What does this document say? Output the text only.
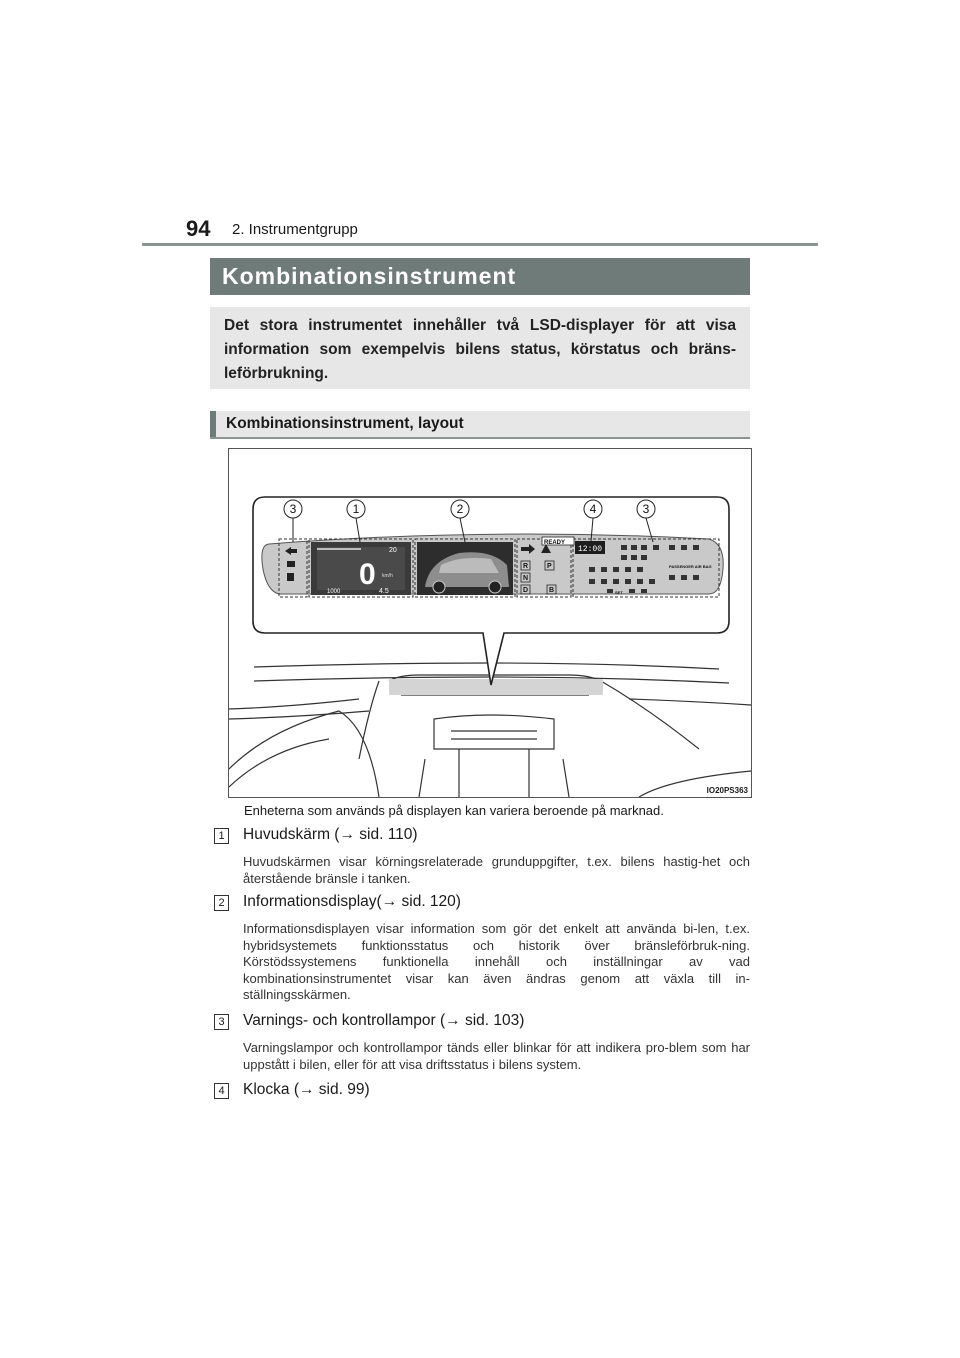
94 2. Instrumentgrupp
Kombinationsinstrument

Det stora instrumentet innehåller två LSD-displayer för att visa information som exempelvis bilens status, körstatus och bräns-leförbrukning.

Kombinationsinstrument, layout
0
20
km/h
1000	4.5
R
N
D
P
B
READY
12:00
PASSENGER AIR BAG
SET
3	1	2	4	3
IO20PS363
Enheterna som används på displayen kan variera beroende på marknad.
1 Huvudskärm (→ sid. 110)
Huvudskärmen visar körningsrelaterade grunduppgifter, t.ex. bilens hastig-het och återstående bränsle i tanken.
2 Informationsdisplay(→ sid. 120)
Informationsdisplayen visar information som gör det enkelt att använda bi-len, t.ex. hybridsystemets funktionsstatus och historik över bränsleförbruk-ning. Körstödssystemens funktionella innehåll och inställningar av vad kombinationsinstrumentet visar kan även ändras genom att växla till in-ställningsskärmen.
3 Varnings- och kontrollampor (→ sid. 103)
Varningslampor och kontrollampor tänds eller blinkar för att indikera pro-blem som har uppstått i bilen, eller för att visa driftsstatus i bilens system.
4 Klocka (→ sid. 99)
